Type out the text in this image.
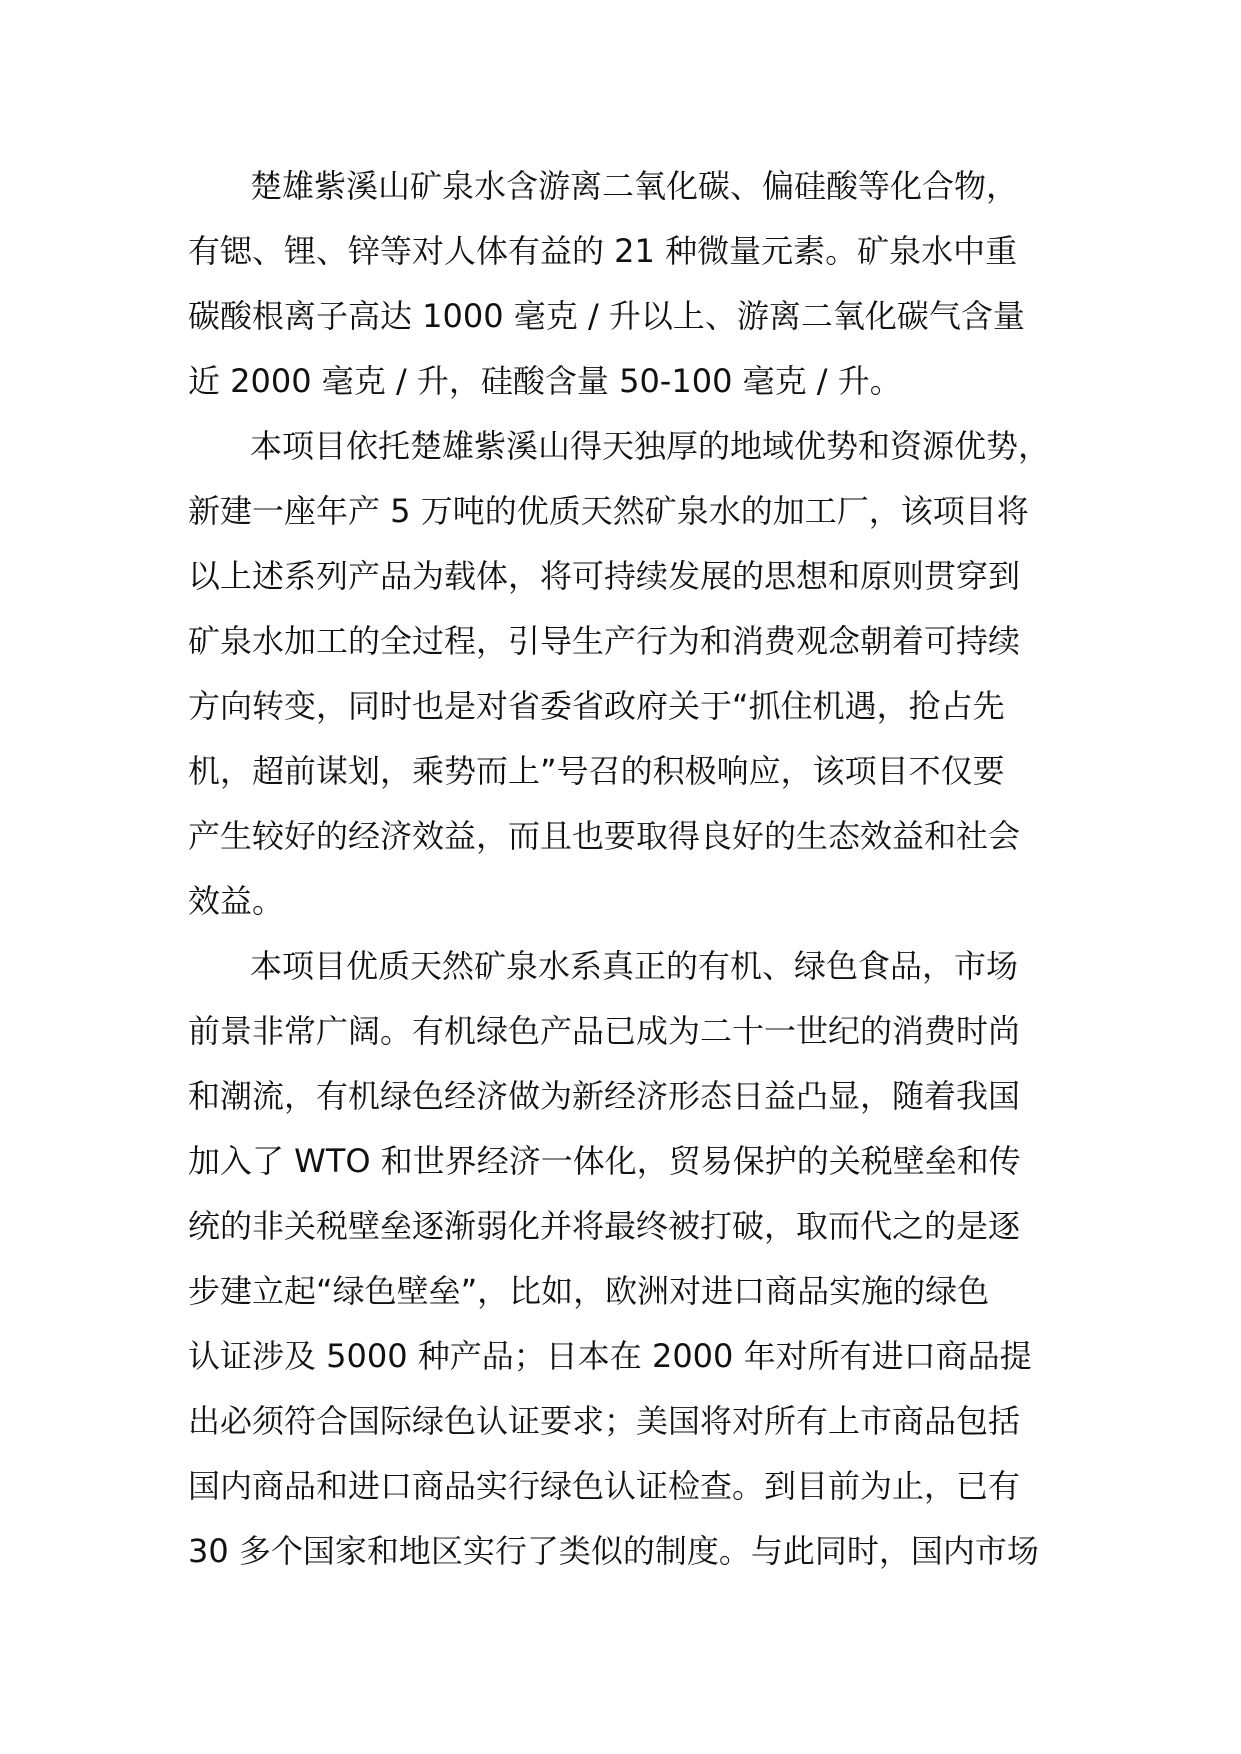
楚雄紫溪山矿泉水含游离二氧化碳、偏硅酸等化合物，
有锶、锂、锌等对人体有益的 21 种微量元素。矿泉水中重
碳酸根离子高达 1000 毫克 / 升以上、游离二氧化碳气含量
近 2000 毫克 / 升，硅酸含量 50-100 毫克 / 升。
本项目依托楚雄紫溪山得天独厚的地域优势和资源优势，
新建一座年产 5 万吨的优质天然矿泉水的加工厂，该项目将
以上述系列产品为载体，将可持续发展的思想和原则贯穿到
矿泉水加工的全过程，引导生产行为和消费观念朝着可持续
方向转变，同时也是对省委省政府关于“抓住机遇，抢占先
机，超前谋划，乘势而上”号召的积极响应，该项目不仅要
产生较好的经济效益，而且也要取得良好的生态效益和社会
效益。
本项目优质天然矿泉水系真正的有机、绿色食品，市场
前景非常广阔。有机绿色产品已成为二十一世纪的消费时尚
和潮流，有机绿色经济做为新经济形态日益凸显，随着我国
加入了 WTO 和世界经济一体化，贸易保护的关税壁垒和传
统的非关税壁垒逐渐弱化并将最终被打破，取而代之的是逐
步建立起“绿色壁垒”，比如，欧洲对进口商品实施的绿色
认证涉及 5000 种产品；日本在 2000 年对所有进口商品提
出必须符合国际绿色认证要求；美国将对所有上市商品包括
国内商品和进口商品实行绿色认证检查。到目前为止，已有
30 多个国家和地区实行了类似的制度。与此同时，国内市场
